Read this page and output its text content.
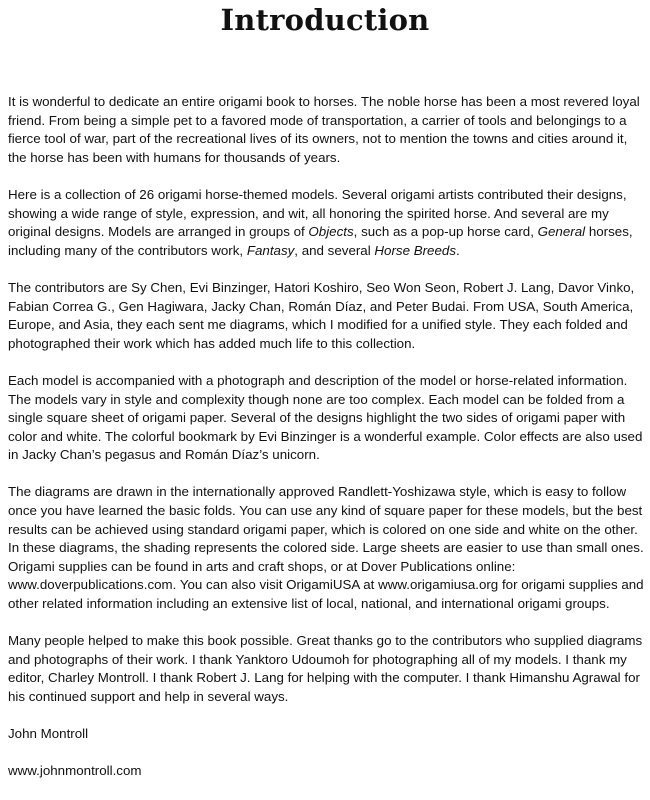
Introduction

It is wonderful to dedicate an entire origami book to horses. The noble horse has been a most revered loyal friend. From being a simple pet to a favored mode of transportation, a carrier of tools and belongings to a fierce tool of war, part of the recreational lives of its owners, not to mention the towns and cities around it, the horse has been with humans for thousands of years.

Here is a collection of 26 origami horse-themed models. Several origami artists contributed their designs, showing a wide range of style, expression, and wit, all honoring the spirited horse. And several are my original designs. Models are arranged in groups of Objects, such as a pop-up horse card, General horses, including many of the contributors work, Fantasy, and several Horse Breeds.

The contributors are Sy Chen, Evi Binzinger, Hatori Koshiro, Seo Won Seon, Robert J. Lang, Davor Vinko, Fabian Correa G., Gen Hagiwara, Jacky Chan, Román Díaz, and Peter Budai. From USA, South America, Europe, and Asia, they each sent me diagrams, which I modified for a unified style. They each folded and photographed their work which has added much life to this collection.

Each model is accompanied with a photograph and description of the model or horse-related information. The models vary in style and complexity though none are too complex. Each model can be folded from a single square sheet of origami paper. Several of the designs highlight the two sides of origami paper with color and white. The colorful bookmark by Evi Binzinger is a wonderful example. Color effects are also used in Jacky Chan’s pegasus and Román Díaz’s unicorn.

The diagrams are drawn in the internationally approved Randlett-Yoshizawa style, which is easy to follow once you have learned the basic folds. You can use any kind of square paper for these models, but the best results can be achieved using standard origami paper, which is colored on one side and white on the other. In these diagrams, the shading represents the colored side. Large sheets are easier to use than small ones. Origami supplies can be found in arts and craft shops, or at Dover Publications online: www.doverpublications.com. You can also visit OrigamiUSA at www.origamiusa.org for origami supplies and other related information including an extensive list of local, national, and international origami groups.

Many people helped to make this book possible. Great thanks go to the contributors who supplied diagrams and photographs of their work. I thank Yanktoro Udoumoh for photographing all of my models. I thank my editor, Charley Montroll. I thank Robert J. Lang for helping with the computer. I thank Himanshu Agrawal for his continued support and help in several ways.

John Montroll

www.johnmontroll.com
